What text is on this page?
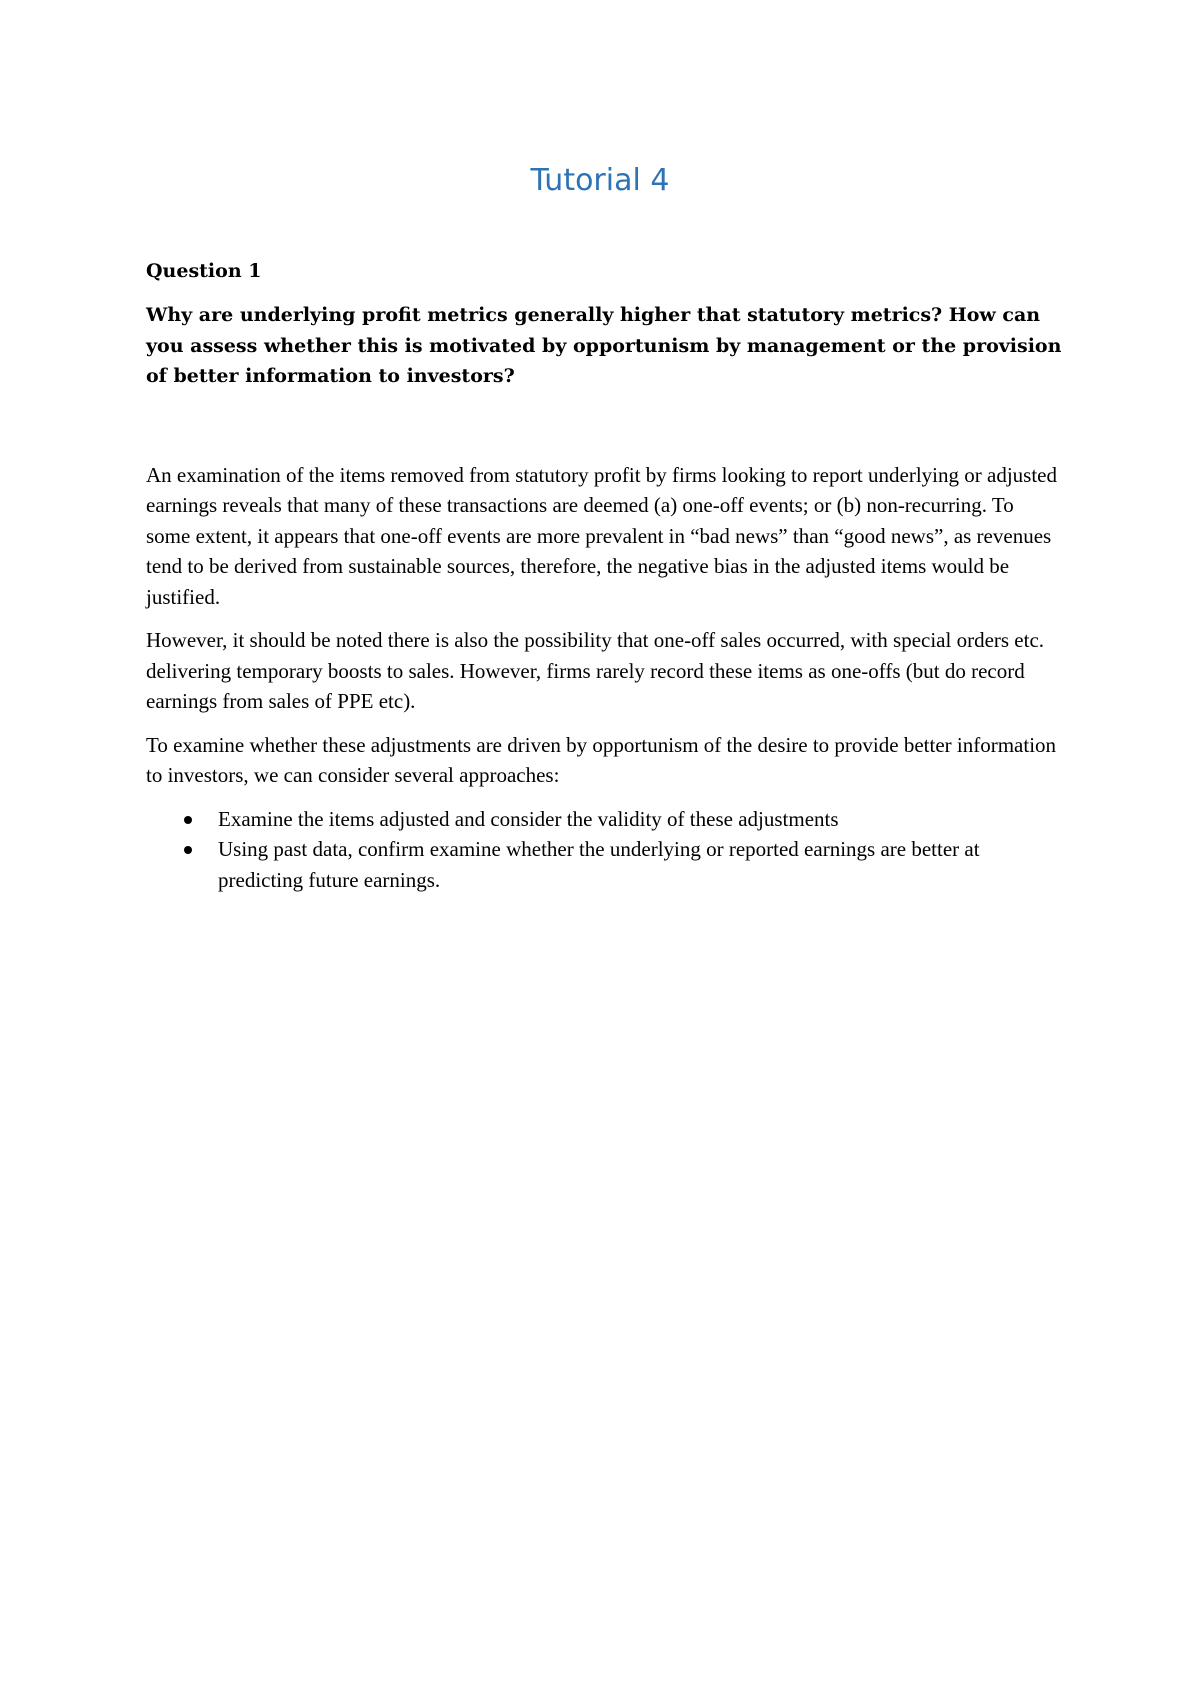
Tutorial 4

Question 1

Why are underlying profit metrics generally higher that statutory metrics? How can you assess whether this is motivated by opportunism by management or the provision of better information to investors?

An examination of the items removed from statutory profit by firms looking to report underlying or adjusted earnings reveals that many of these transactions are deemed (a) one-off events; or (b) non-recurring. To some extent, it appears that one-off events are more prevalent in “bad news” than “good news”, as revenues tend to be derived from sustainable sources, therefore, the negative bias in the adjusted items would be justified.

However, it should be noted there is also the possibility that one-off sales occurred, with special orders etc. delivering temporary boosts to sales. However, firms rarely record these items as one-offs (but do record earnings from sales of PPE etc).

To examine whether these adjustments are driven by opportunism of the desire to provide better information to investors, we can consider several approaches:

Examine the items adjusted and consider the validity of these adjustments
Using past data, confirm examine whether the underlying or reported earnings are better at predicting future earnings.
